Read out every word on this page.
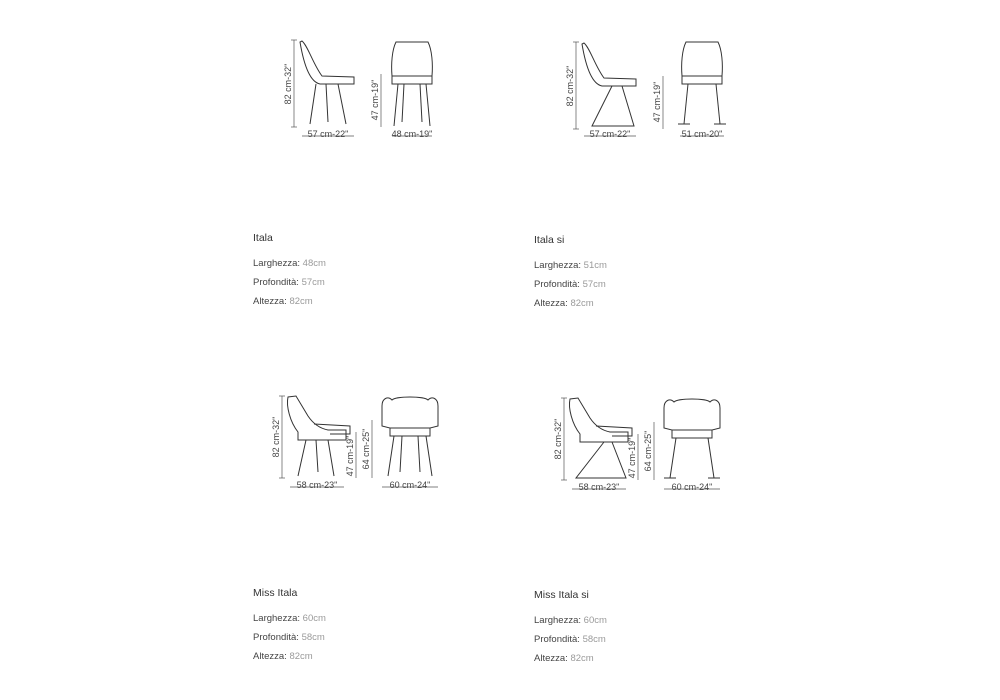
82 cm-32"
57 cm-22"
47 cm-19"
48 cm-19"
Itala
Larghezza: 48cm
Profondità: 57cm
Altezza: 82cm
82 cm-32"
57 cm-22"
47 cm-19"
51 cm-20"
Itala si
Larghezza: 51cm
Profondità: 57cm
Altezza: 82cm
82 cm-32"
58 cm-23"
47 cm-19" 64 cm-25"
60 cm-24"
Miss Itala
Larghezza: 60cm
Profondità: 58cm
Altezza: 82cm
82 cm-32"
58 cm-23"
47 cm-19" 64 cm-25"
60 cm-24"
Miss Itala si
Larghezza: 60cm
Profondità: 58cm
Altezza: 82cm
